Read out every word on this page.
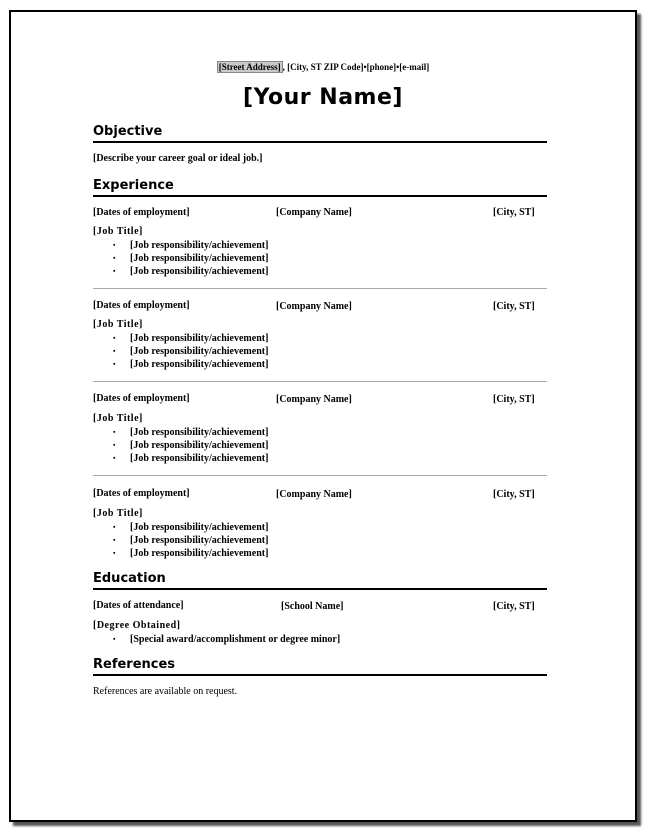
[Street Address] , [City, ST ZIP Code]•[phone]•[e-mail]
[Your Name]
Objective
[Describe your career goal or ideal job.]
Experience
[Dates of employment]	[Company Name]	[City, ST]
[Job Title]
▪ [Job responsibility/achievement]
▪ [Job responsibility/achievement]
▪ [Job responsibility/achievement]
[Dates of employment]	[Company Name]	[City, ST]
[Job Title]
▪ [Job responsibility/achievement]
▪ [Job responsibility/achievement]
▪ [Job responsibility/achievement]
[Dates of employment]	[Company Name]	[City, ST]
[Job Title]
▪ [Job responsibility/achievement]
▪ [Job responsibility/achievement]
▪ [Job responsibility/achievement]
[Dates of employment]	[Company Name]	[City, ST]
[Job Title]
▪ [Job responsibility/achievement]
▪ [Job responsibility/achievement]
▪ [Job responsibility/achievement]
Education
[Dates of attendance]	[School Name]	[City, ST]
[Degree Obtained]
▪ [Special award/accomplishment or degree minor]
References
References are available on request.
